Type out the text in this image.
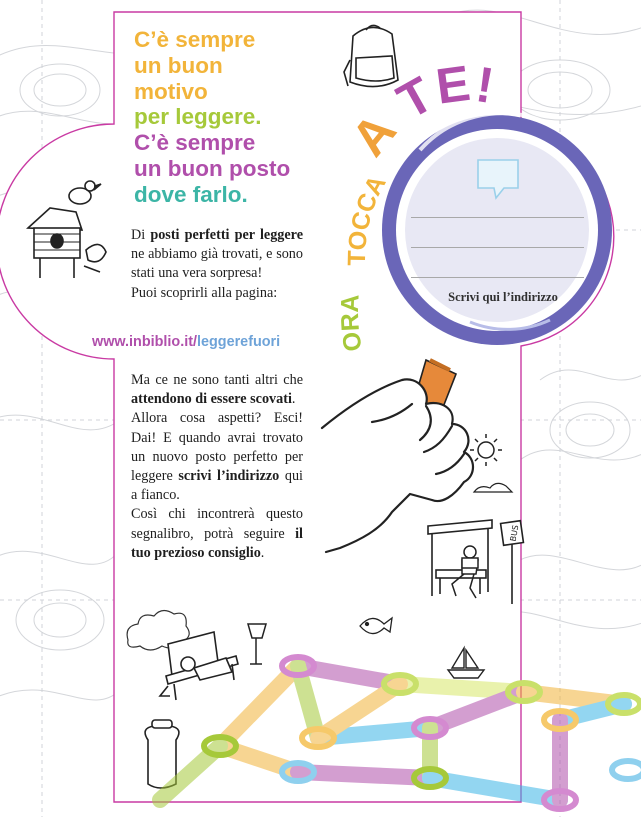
BUS
ORA
TOCCA
A TE!
Scrivi qui l’indirizzo
C’è sempre
un buon
motivo
per leggere.
C’è sempre
un buon posto
dove farlo.

Di posti perfetti per leggere ne abbiamo già trovati, e sono stati una vera sorpresa!

Puoi scoprirli alla pagina:

www.inbiblio.it/leggerefuori

Ma ce ne sono tanti altri che attendono di essere scovati.

Allora cosa aspetti? Esci! Dai! E quando avrai trovato un nuovo posto perfetto per leggere scrivi l’indirizzo qui a fianco.

Così chi incontrerà questo segnalibro, potrà seguire il tuo prezioso consiglio.
